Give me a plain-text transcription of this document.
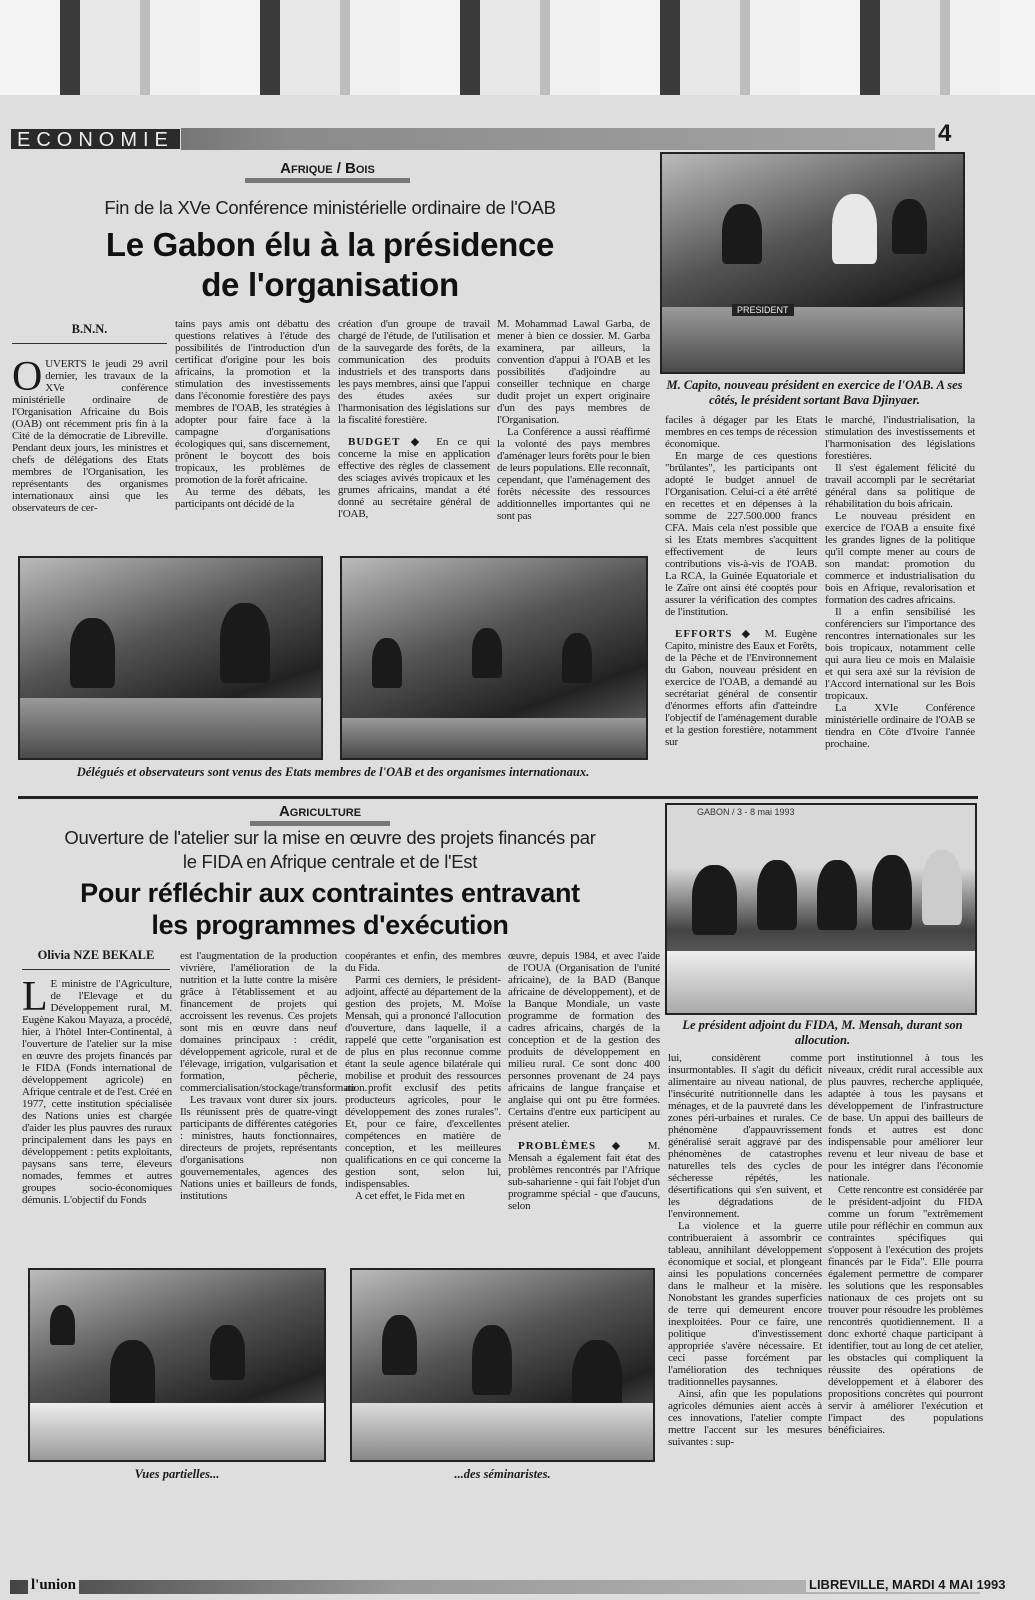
ECONOMIE	4
Afrique / Bois
Fin de la XVe Conférence ministérielle ordinaire de l'OAB
Le Gabon élu à la présidence
de l'organisation
B.N.N.

OUVERTS le jeudi 29 avril dernier, les travaux de la XVe conférence ministérielle ordinaire de l'Organisation Africaine du Bois (OAB) ont récemment pris fin à la Cité de la démocratie de Libreville. Pendant deux jours, les ministres et chefs de délégations des Etats membres de l'Organisation, les représentants des organismes internationaux ainsi que les observateurs de cer-

tains pays amis ont débattu des questions relatives à l'étude des possibilités de l'introduction d'un certificat d'origine pour les bois africains, la promotion et la stimulation des investissements dans l'économie forestière des pays membres de l'OAB, les stratégies à adopter pour faire face à la campagne d'organisations écologiques qui, sans discernement, prônent le boycott des bois tropicaux, les problèmes de promotion de la forêt africaine.

Au terme des débats, les participants ont décidé de la

création d'un groupe de travail chargé de l'étude, de l'utilisation et de la sauvegarde des forêts, de la communication des produits industriels et des transports dans les pays membres, ainsi que l'appui des études axées sur l'harmonisation des législations sur la fiscalité forestière.

BUDGET ◆ En ce qui concerne la mise en application effective des règles de classement des sciages avivés tropicaux et les grumes africains, mandat a été donné au secrétaire général de l'OAB,

M. Mohammad Lawal Garba, de mener à bien ce dossier. M. Garba examinera, par ailleurs, la convention d'appui à l'OAB et les possibilités d'adjoindre au conseiller technique en charge dudit projet un expert originaire d'un des pays membres de l'Organisation.

La Conférence a aussi réaffirmé la volonté des pays membres d'aménager leurs forêts pour le bien de leurs populations. Elle reconnaît, cependant, que l'aménagement des forêts nécessite des ressources additionnelles importantes qui ne sont pas

PRESIDENT
M. Capito, nouveau président en exercice de l'OAB. A ses côtés, le président sortant Bava Djinyaer.

faciles à dégager par les Etats membres en ces temps de récession économique.

En marge de ces questions "brûlantes", les participants ont adopté le budget annuel de l'Organisation. Celui-ci a été arrêté en recettes et en dépenses à la somme de 227.500.000 francs CFA. Mais cela n'est possible que si les Etats membres s'acquittent effectivement de leurs contributions vis-à-vis de l'OAB. La RCA, la Guinée Equatoriale et le Zaïre ont ainsi été cooptés pour assurer la vérification des comptes de l'institution.

EFFORTS ◆ M. Eugène Capito, ministre des Eaux et Forêts, de la Pêche et de l'Environnement du Gabon, nouveau président en exercice de l'OAB, a demandé au secrétariat général de consentir d'énormes efforts afin d'atteindre l'objectif de l'aménagement durable et la gestion forestière, notamment sur

le marché, l'industrialisation, la stimulation des investissements et l'harmonisation des législations forestières.

Il s'est également félicité du travail accompli par le secrétariat général dans sa politique de réhabilitation du bois africain.

Le nouveau président en exercice de l'OAB a ensuite fixé les grandes lignes de la politique qu'il compte mener au cours de son mandat: promotion du commerce et industrialisation du bois en Afrique, revalorisation et formation des cadres africains.

Il a enfin sensibilisé les conférenciers sur l'importance des rencontres internationales sur les bois tropicaux, notamment celle qui aura lieu ce mois en Malaisie et qui sera axé sur la révision de l'Accord international sur les Bois tropicaux.

La XVIe Conférence ministérielle ordinaire de l'OAB se tiendra en Côte d'Ivoire l'année prochaine.

Délégués et observateurs sont venus des Etats membres de l'OAB et des organismes internationaux.
Agriculture
Ouverture de l'atelier sur la mise en œuvre des projets financés par
le FIDA en Afrique centrale et de l'Est
Pour réfléchir aux contraintes entravant
les programmes d'exécution
Olivia NZE BEKALE

L E ministre de l'Agriculture, de l'Elevage et du Développement rural, M. Eugène Kakou Mayaza, a procédé, hier, à l'hôtel Inter-Continental, à l'ouverture de l'atelier sur la mise en œuvre des projets financés par le FIDA (Fonds international de développement agricole) en Afrique centrale et de l'est. Créé en 1977, cette institution spécialisée des Nations unies est chargée d'aider les plus pauvres des ruraux principalement dans les pays en développement : petits exploitants, paysans sans terre, éleveurs nomades, femmes et autres groupes socio-économiques démunis. L'objectif du Fonds

est l'augmentation de la production vivrière, l'amélioration de la nutrition et la lutte contre la misère grâce à l'établissement et au financement de projets qui accroissent les revenus. Ces projets sont mis en œuvre dans neuf domaines principaux : crédit, développement agricole, rural et de l'élevage, irrigation, vulgarisation et formation, pêcherie, commercialisation/stockage/transformation.

Les travaux vont durer six jours. Ils réunissent près de quatre-vingt participants de différentes catégories : ministres, hauts fonctionnaires, directeurs de projets, représentants d'organisations non gouvernementales, agences des Nations unies et bailleurs de fonds, institutions

coopérantes et enfin, des membres du Fida.

Parmi ces derniers, le président-adjoint, affecté au département de la gestion des projets, M. Moïse Mensah, qui a prononcé l'allocution d'ouverture, dans laquelle, il a rappelé que cette "organisation est de plus en plus reconnue comme étant la seule agence bilatérale qui mobilise et produit des ressources au profit exclusif des petits producteurs agricoles, pour le développement des zones rurales". Et, pour ce faire, d'excellentes compétences en matière de conception, et les meilleures qualifications en ce qui concerne la gestion sont, selon lui, indispensables.

A cet effet, le Fida met en

œuvre, depuis 1984, et avec l'aide de l'OUA (Organisation de l'unité africaine), de la BAD (Banque africaine de développement), et de la Banque Mondiale, un vaste programme de formation des cadres africains, chargés de la conception et de la gestion des produits de développement en milieu rural. Ce sont donc 400 personnes provenant de 24 pays africains de langue française et anglaise qui ont pu être formées. Certains d'entre eux participent au présent atelier.

PROBLÈMES ◆ M. Mensah a également fait état des problèmes rencontrés par l'Afrique sub-saharienne - qui fait l'objet d'un programme spécial - que d'aucuns, selon

GABON / 3 - 8 mai 1993
Le président adjoint du FIDA, M. Mensah, durant son allocution.

lui, considèrent comme insurmontables. Il s'agit du déficit alimentaire au niveau national, de l'insécurité nutritionnelle dans les ménages, et de la pauvreté dans les zones péri-urbaines et rurales. Ce phénomène d'appauvrissement généralisé serait aggravé par des phénomènes de catastrophes naturelles tels des cycles de sécheresse répétés, les désertifications qui s'en suivent, et les dégradations de l'environnement.

La violence et la guerre contribueraient à assombrir ce tableau, annihilant développement économique et social, et plongeant ainsi les populations concernées dans le malheur et la misère. Nonobstant les grandes superficies de terre qui demeurent encore inexploitées. Pour ce faire, une politique d'investissement appropriée s'avère nécessaire. Et ceci passe forcément par l'amélioration des techniques traditionnelles paysannes.

Ainsi, afin que les populations agricoles démunies aient accès à ces innovations, l'atelier compte mettre l'accent sur les mesures suivantes : sup-

port institutionnel à tous les niveaux, crédit rural accessible aux plus pauvres, recherche appliquée, adaptée à tous les paysans et développement de l'infrastructure de base. Un appui des bailleurs de fonds et autres est donc indispensable pour améliorer leur revenu et leur niveau de base et pour les intégrer dans l'économie nationale.

Cette rencontre est considérée par le président-adjoint du FIDA comme un forum "extrêmement utile pour réfléchir en commun aux contraintes spécifiques qui s'opposent à l'exécution des projets financés par le Fida". Elle pourra également permettre de comparer les solutions que les responsables nationaux de ces projets ont su trouver pour résoudre les problèmes rencontrés quotidiennement. Il a donc exhorté chaque participant à identifier, tout au long de cet atelier, les obstacles qui compliquent la réussite des opérations de développement et à élaborer des propositions concrètes qui pourront servir à améliorer l'exécution et l'impact des populations bénéficiaires.

Vues partielles...	...des séminaristes.
l'union	LIBREVILLE, MARDI 4 MAI 1993
